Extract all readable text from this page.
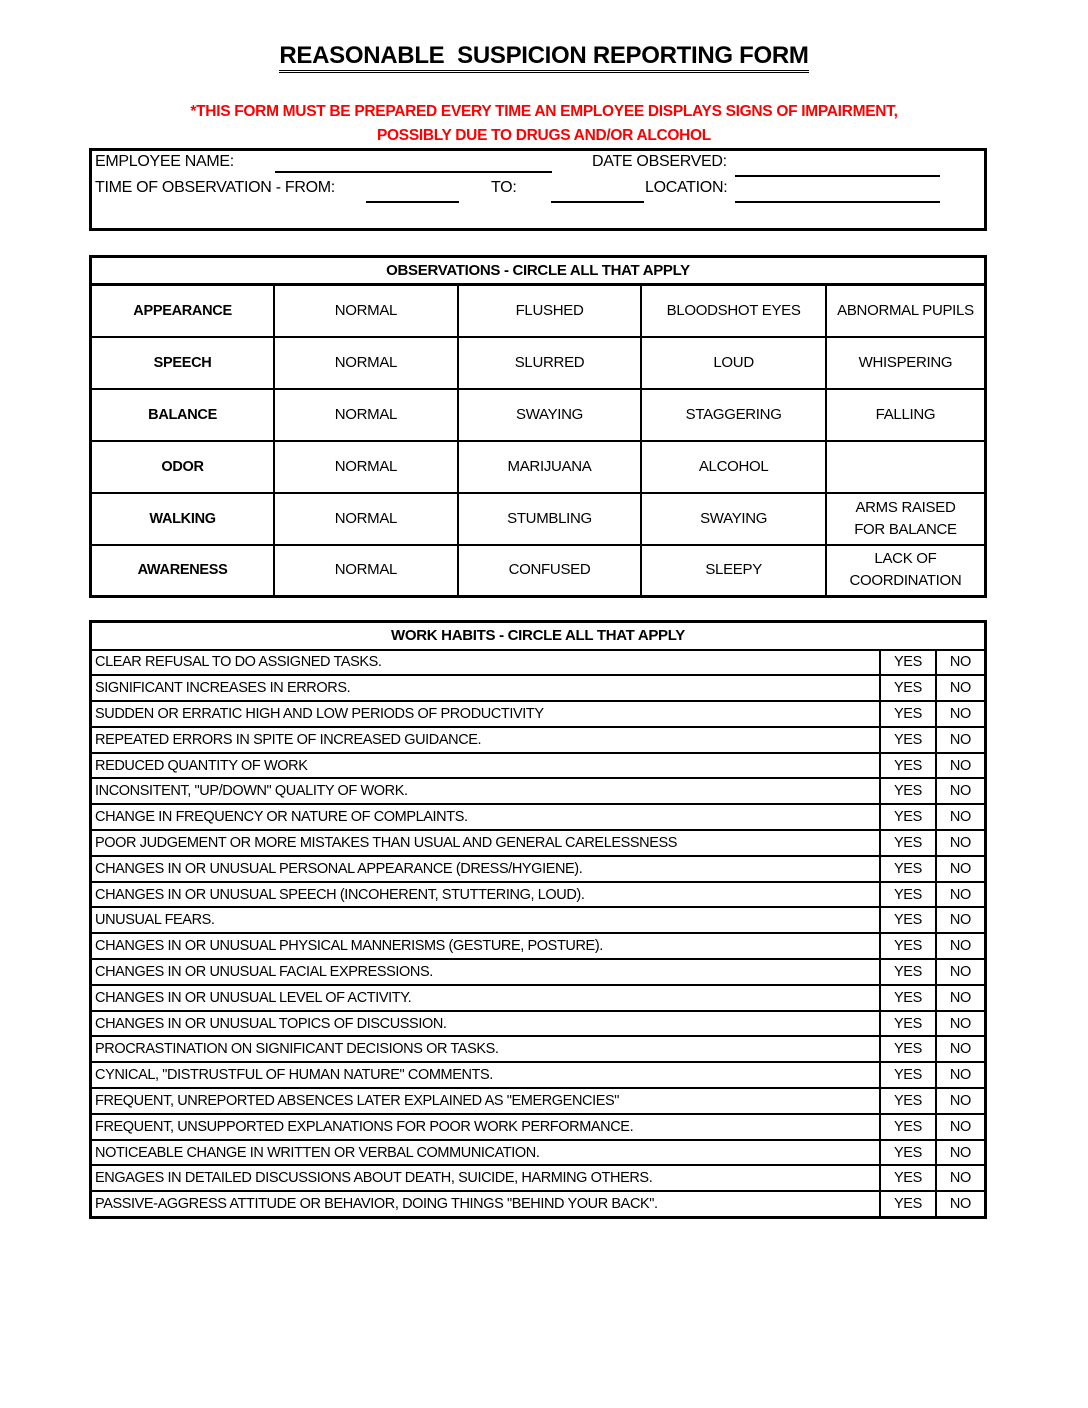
REASONABLE  SUSPICION REPORTING FORM
*THIS FORM MUST BE PREPARED EVERY TIME AN EMPLOYEE DISPLAYS SIGNS OF IMPAIRMENT,
POSSIBLY DUE TO DRUGS AND/OR ALCOHOL
EMPLOYEE NAME:	DATE OBSERVED:
TIME OF OBSERVATION - FROM:	TO:	LOCATION:
OBSERVATIONS - CIRCLE ALL THAT APPLY				
APPEARANCE	NORMAL	FLUSHED	BLOODSHOT EYES	ABNORMAL PUPILS
SPEECH	NORMAL	SLURRED	LOUD	WHISPERING
BALANCE	NORMAL	SWAYING	STAGGERING	FALLING
ODOR	NORMAL	MARIJUANA	ALCOHOL	
WALKING	NORMAL	STUMBLING	SWAYING	ARMS RAISED FOR BALANCE
AWARENESS	NORMAL	CONFUSED	SLEEPY	LACK OF COORDINATION
WORK HABITS - CIRCLE ALL THAT APPLY		
CLEAR REFUSAL TO DO ASSIGNED TASKS.	YES	NO
SIGNIFICANT INCREASES IN ERRORS.	YES	NO
SUDDEN OR ERRATIC HIGH AND LOW PERIODS OF PRODUCTIVITY	YES	NO
REPEATED ERRORS IN SPITE OF INCREASED GUIDANCE.	YES	NO
REDUCED QUANTITY OF WORK	YES	NO
INCONSITENT, "UP/DOWN" QUALITY OF WORK.	YES	NO
CHANGE IN FREQUENCY OR NATURE OF COMPLAINTS.	YES	NO
POOR JUDGEMENT OR MORE MISTAKES THAN USUAL AND GENERAL CARELESSNESS	YES	NO
CHANGES IN OR UNUSUAL PERSONAL APPEARANCE (DRESS/HYGIENE).	YES	NO
CHANGES IN OR UNUSUAL SPEECH (INCOHERENT, STUTTERING, LOUD).	YES	NO
UNUSUAL FEARS.	YES	NO
CHANGES IN OR UNUSUAL PHYSICAL MANNERISMS (GESTURE, POSTURE).	YES	NO
CHANGES IN OR UNUSUAL FACIAL EXPRESSIONS.	YES	NO
CHANGES IN OR UNUSUAL LEVEL OF ACTIVITY.	YES	NO
CHANGES IN OR UNUSUAL TOPICS OF DISCUSSION.	YES	NO
PROCRASTINATION ON SIGNIFICANT DECISIONS OR TASKS.	YES	NO
CYNICAL, "DISTRUSTFUL OF HUMAN NATURE" COMMENTS.	YES	NO
FREQUENT, UNREPORTED ABSENCES LATER EXPLAINED AS "EMERGENCIES"	YES	NO
FREQUENT, UNSUPPORTED EXPLANATIONS FOR POOR WORK PERFORMANCE.	YES	NO
NOTICEABLE CHANGE IN WRITTEN OR VERBAL COMMUNICATION.	YES	NO
ENGAGES IN DETAILED DISCUSSIONS ABOUT DEATH, SUICIDE, HARMING OTHERS.	YES	NO
PASSIVE-AGGRESS ATTITUDE OR BEHAVIOR, DOING THINGS "BEHIND YOUR BACK".	YES	NO
